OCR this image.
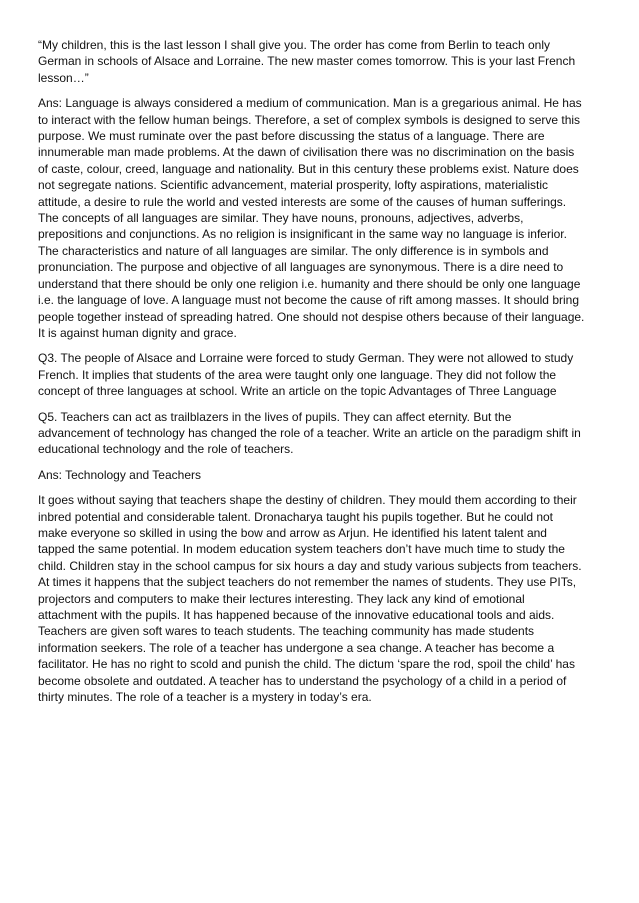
“My children, this is the last lesson I shall give you. The order has come from Berlin to teach only
German in schools of Alsace and Lorraine. The new master comes tomorrow. This is your last French
lesson…”

Ans: Language is always considered a medium of communication. Man is a gregarious animal. He has
to interact with the fellow human beings. Therefore, a set of complex symbols is designed to serve this
purpose. We must ruminate over the past before discussing the status of a language. There are
innumerable man made problems. At the dawn of civilisation there was no discrimination on the basis
of caste, colour, creed, language and nationality. But in this century these problems exist. Nature does
not segregate nations. Scientific advancement, material prosperity, lofty aspirations, materialistic
attitude, a desire to rule the world and vested interests are some of the causes of human sufferings.
The concepts of all languages are similar. They have nouns, pronouns, adjectives, adverbs,
prepositions and conjunctions. As no religion is insignificant in the same way no language is inferior.
The characteristics and nature of all languages are similar. The only difference is in symbols and
pronunciation. The purpose and objective of all languages are synonymous. There is a dire need to
understand that there should be only one religion i.e. humanity and there should be only one language
i.e. the language of love. A language must not become the cause of rift among masses. It should bring
people together instead of spreading hatred. One should not despise others because of their language.
It is against human dignity and grace.

Q3. The people of Alsace and Lorraine were forced to study German. They were not allowed to study
French. It implies that students of the area were taught only one language. They did not follow the
concept of three languages at school. Write an article on the topic Advantages of Three Language

Q5. Teachers can act as trailblazers in the lives of pupils. They can affect eternity. But the
advancement of technology has changed the role of a teacher. Write an article on the paradigm shift in
educational technology and the role of teachers.

Ans: Technology and Teachers

It goes without saying that teachers shape the destiny of children. They mould them according to their
inbred potential and considerable talent. Dronacharya taught his pupils together. But he could not
make everyone so skilled in using the bow and arrow as Arjun. He identified his latent talent and
tapped the same potential. In modem education system teachers don’t have much time to study the
child. Children stay in the school campus for six hours a day and study various subjects from teachers.
At times it happens that the subject teachers do not remember the names of students. They use PITs,
projectors and computers to make their lectures interesting. They lack any kind of emotional
attachment with the pupils. It has happened because of the innovative educational tools and aids.
Teachers are given soft wares to teach students. The teaching community has made students
information seekers. The role of a teacher has undergone a sea change. A teacher has become a
facilitator. He has no right to scold and punish the child. The dictum ‘spare the rod, spoil the child’ has
become obsolete and outdated. A teacher has to understand the psychology of a child in a period of
thirty minutes. The role of a teacher is a mystery in today’s era.
